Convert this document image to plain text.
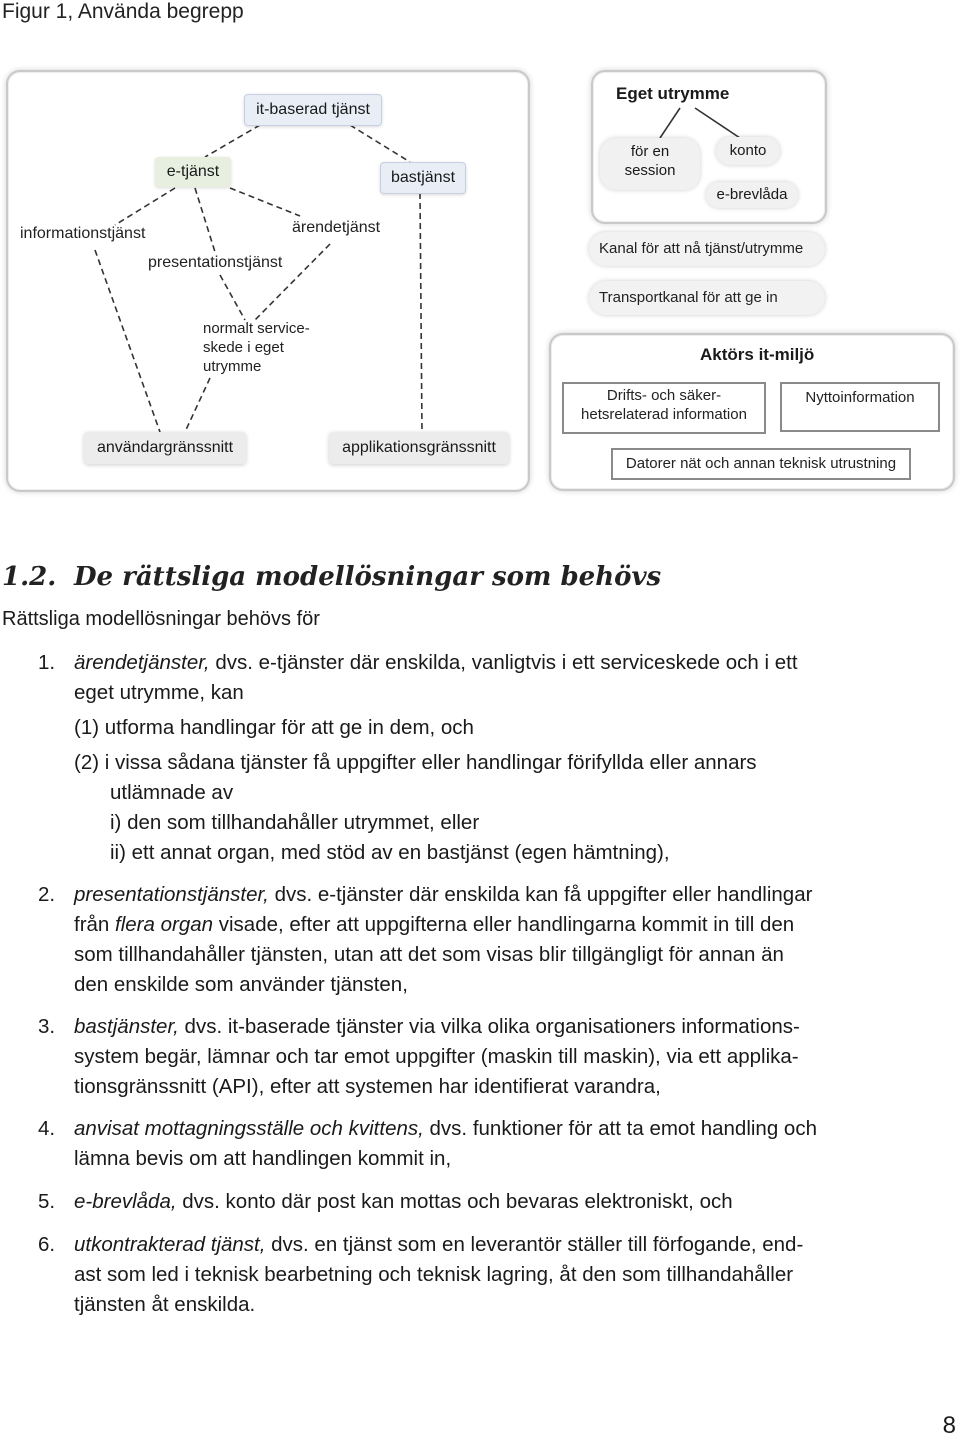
Figur 1, Använda begrepp
it-baserad tjänst
e-tjänst	bastjänst
informationstjänst	ärendetjänst
presentationstjänst
normalt service-
skede i eget
utrymme
användargränssnitt	applikationsgränssnitt
Eget utrymme
för en
session
konto
e-brevlåda
Kanal för att nå tjänst/utrymme
Transportkanal för att ge in
Aktörs it-miljö
Drifts- och säker-
hetsrelaterad information
Nyttoinformation
Datorer nät och annan teknisk utrustning
1.2. De rättsliga modellösningar som behövs
Rättsliga modellösningar behövs för
1. ärendetjänster, dvs. e-tjänster där enskilda, vanligtvis i ett serviceskede och i ett
eget utrymme, kan
(1) utforma handlingar för att ge in dem, och
(2) i vissa sådana tjänster få uppgifter eller handlingar förifyllda eller annars
utlämnade av
i) den som tillhandahåller utrymmet, eller
ii) ett annat organ, med stöd av en bastjänst (egen hämtning),
2. presentationstjänster, dvs. e-tjänster där enskilda kan få uppgifter eller handlingar
från flera organ visade, efter att uppgifterna eller handlingarna kommit in till den
som tillhandahåller tjänsten, utan att det som visas blir tillgängligt för annan än
den enskilde som använder tjänsten,
3. bastjänster, dvs. it-baserade tjänster via vilka olika organisationers informations-
system begär, lämnar och tar emot uppgifter (maskin till maskin), via ett applika-
tionsgränssnitt (API), efter att systemen har identifierat varandra,
4. anvisat mottagningsställe och kvittens, dvs. funktioner för att ta emot handling och
lämna bevis om att handlingen kommit in,
5. e-brevlåda, dvs. konto där post kan mottas och bevaras elektroniskt, och
6. utkontrakterad tjänst, dvs. en tjänst som en leverantör ställer till förfogande, end-
ast som led i teknisk bearbetning och teknisk lagring, åt den som tillhandahåller
tjänsten åt enskilda.
8
